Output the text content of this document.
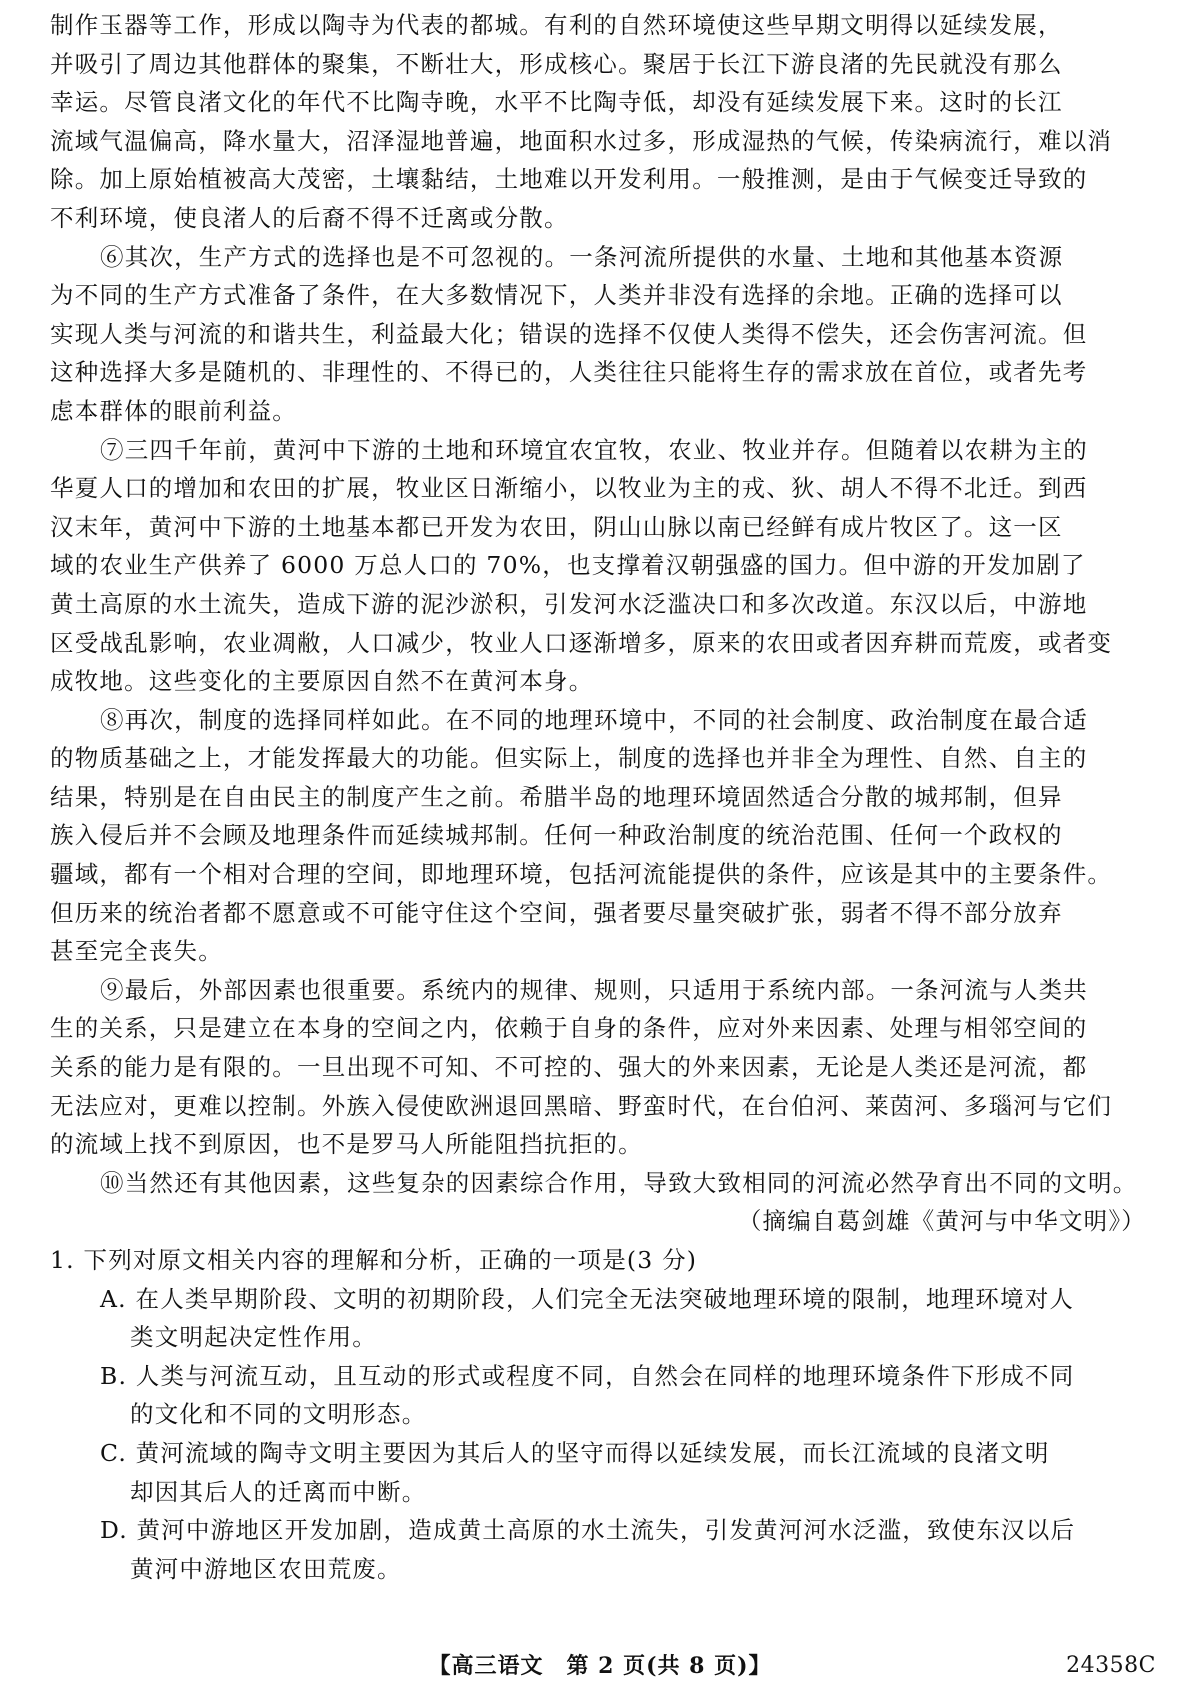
制作玉器等工作，形成以陶寺为代表的都城。有利的自然环境使这些早期文明得以延续发展，
并吸引了周边其他群体的聚集，不断壮大，形成核心。聚居于长江下游良渚的先民就没有那么
幸运。尽管良渚文化的年代不比陶寺晚，水平不比陶寺低，却没有延续发展下来。这时的长江
流域气温偏高，降水量大，沼泽湿地普遍，地面积水过多，形成湿热的气候，传染病流行，难以消
除。加上原始植被高大茂密，土壤黏结，土地难以开发利用。一般推测，是由于气候变迁导致的
不利环境，使良渚人的后裔不得不迁离或分散。
⑥其次，生产方式的选择也是不可忽视的。一条河流所提供的水量、土地和其他基本资源
为不同的生产方式准备了条件，在大多数情况下，人类并非没有选择的余地。正确的选择可以
实现人类与河流的和谐共生，利益最大化；错误的选择不仅使人类得不偿失，还会伤害河流。但
这种选择大多是随机的、非理性的、不得已的，人类往往只能将生存的需求放在首位，或者先考
虑本群体的眼前利益。
⑦三四千年前，黄河中下游的土地和环境宜农宜牧，农业、牧业并存。但随着以农耕为主的
华夏人口的增加和农田的扩展，牧业区日渐缩小，以牧业为主的戎、狄、胡人不得不北迁。到西
汉末年，黄河中下游的土地基本都已开发为农田，阴山山脉以南已经鲜有成片牧区了。这一区
域的农业生产供养了 6000 万总人口的 70%，也支撑着汉朝强盛的国力。但中游的开发加剧了
黄土高原的水土流失，造成下游的泥沙淤积，引发河水泛滥决口和多次改道。东汉以后，中游地
区受战乱影响，农业凋敝，人口减少，牧业人口逐渐增多，原来的农田或者因弃耕而荒废，或者变
成牧地。这些变化的主要原因自然不在黄河本身。
⑧再次，制度的选择同样如此。在不同的地理环境中，不同的社会制度、政治制度在最合适
的物质基础之上，才能发挥最大的功能。但实际上，制度的选择也并非全为理性、自然、自主的
结果，特别是在自由民主的制度产生之前。希腊半岛的地理环境固然适合分散的城邦制，但异
族入侵后并不会顾及地理条件而延续城邦制。任何一种政治制度的统治范围、任何一个政权的
疆域，都有一个相对合理的空间，即地理环境，包括河流能提供的条件，应该是其中的主要条件。
但历来的统治者都不愿意或不可能守住这个空间，强者要尽量突破扩张，弱者不得不部分放弃
甚至完全丧失。
⑨最后，外部因素也很重要。系统内的规律、规则，只适用于系统内部。一条河流与人类共
生的关系，只是建立在本身的空间之内，依赖于自身的条件，应对外来因素、处理与相邻空间的
关系的能力是有限的。一旦出现不可知、不可控的、强大的外来因素，无论是人类还是河流，都
无法应对，更难以控制。外族入侵使欧洲退回黑暗、野蛮时代，在台伯河、莱茵河、多瑙河与它们
的流域上找不到原因，也不是罗马人所能阻挡抗拒的。
⑩当然还有其他因素，这些复杂的因素综合作用，导致大致相同的河流必然孕育出不同的文明。
（摘编自葛剑雄《黄河与中华文明》）
1. 下列对原文相关内容的理解和分析，正确的一项是(3 分)
A. 在人类早期阶段、文明的初期阶段，人们完全无法突破地理环境的限制，地理环境对人
类文明起决定性作用。
B. 人类与河流互动，且互动的形式或程度不同，自然会在同样的地理环境条件下形成不同
的文化和不同的文明形态。
C. 黄河流域的陶寺文明主要因为其后人的坚守而得以延续发展，而长江流域的良渚文明
却因其后人的迁离而中断。
D. 黄河中游地区开发加剧，造成黄土高原的水土流失，引发黄河河水泛滥，致使东汉以后
黄河中游地区农田荒废。
【高三语文　第 2 页(共 8 页)】	24358C
